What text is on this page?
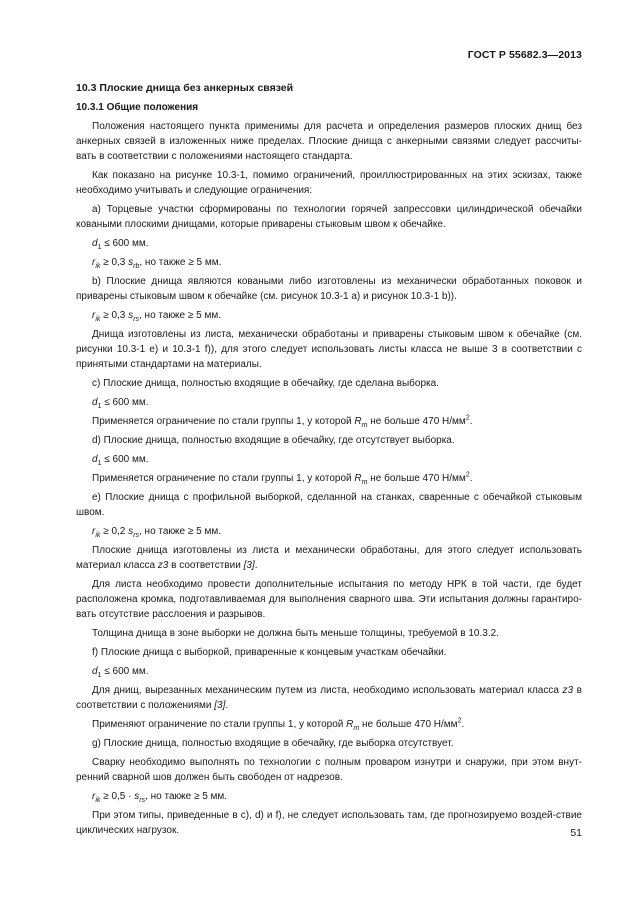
ГОСТ Р 55682.3—2013
10.3 Плоские днища без анкерных связей
10.3.1 Общие положения

Положения настоящего пункта применимы для расчета и определения размеров плоских днищ без анкерных связей в изложенных ниже пределах. Плоские днища с анкерными связями следует рассчиты-вать в соответствии с положениями настоящего стандарта.

Как показано на рисунке 10.3-1, помимо ограничений, проиллюстрированных на этих эскизах, также необходимо учитывать и следующие ограничения:

a) Торцевые участки сформированы по технологии горячей запрессовки цилиндрической обечайки коваными плоскими днищами, которые приварены стыковым швом к обечайке.

$d_1 \le 600$ мм.

$r_{ik} \ge 0,3$ $s_{rb}$, но также ≥ 5 мм.

b) Плоские днища являются коваными либо изготовлены из механически обработанных поковок и приварены стыковым швом к обечайке (см. рисунок 10.3-1 a) и рисунок 10.3-1 b)).

$r_{ik} \ge 0,3$ $s_{rs}$, но также ≥ 5 мм.

Днища изготовлены из листа, механически обработаны и приварены стыковым швом к обечайке (см. рисунки 10.3-1 e) и 10.3-1 f)), для этого следует использовать листы класса не выше 3 в соответствии с принятыми стандартами на материалы.

c) Плоские днища, полностью входящие в обечайку, где сделана выборка.

$d_1 \le 600$ мм.

Применяется ограничение по стали группы 1, у которой $R_m$ не больше 470 $Н/мм^2$.

d) Плоские днища, полностью входящие в обечайку, где отсутствует выборка.

$d_1 \le 600$ мм.

Применяется ограничение по стали группы 1, у которой $R_m$ не больше 470 $Н/мм^2$.

e) Плоские днища с профильной выборкой, сделанной на станках, сваренные с обечайкой стыковым швом.

$r_{ik} \ge 0,2$ $s_{rs}$, но также ≥ 5 мм.

Плоские днища изготовлены из листа и механически обработаны, для этого следует использовать материал класса z3 в соответствии [3].

Для листа необходимо провести дополнительные испытания по методу НРК в той части, где будет расположена кромка, подготавливаемая для выполнения сварного шва. Эти испытания должны гарантиро-вать отсутствие расслоения и разрывов.

Толщина днища в зоне выборки не должна быть меньше толщины, требуемой в 10.3.2.

f) Плоские днища с выборкой, приваренные к концевым участкам обечайки.

$d_1 \le 600$ мм.

Для днищ, вырезанных механическим путем из листа, необходимо использовать материал класса z3 в соответствии с положениями [3].

Применяют ограничение по стали группы 1, у которой $R_m$ не больше 470 $Н/мм^2$.

g) Плоские днища, полностью входящие в обечайку, где выборка отсутствует.

Сварку необходимо выполнять по технологии с полным проваром изнутри и снаружи, при этом внут-ренний сварной шов должен быть свободен от надрезов.

$r_{ik} \ge 0,5 \cdot s_{rs}$, но также ≥ 5 мм.

При этом типы, приведенные в c), d) и f), не следует использовать там, где прогнозируемо воздей-ствие циклических нагрузок.	51
